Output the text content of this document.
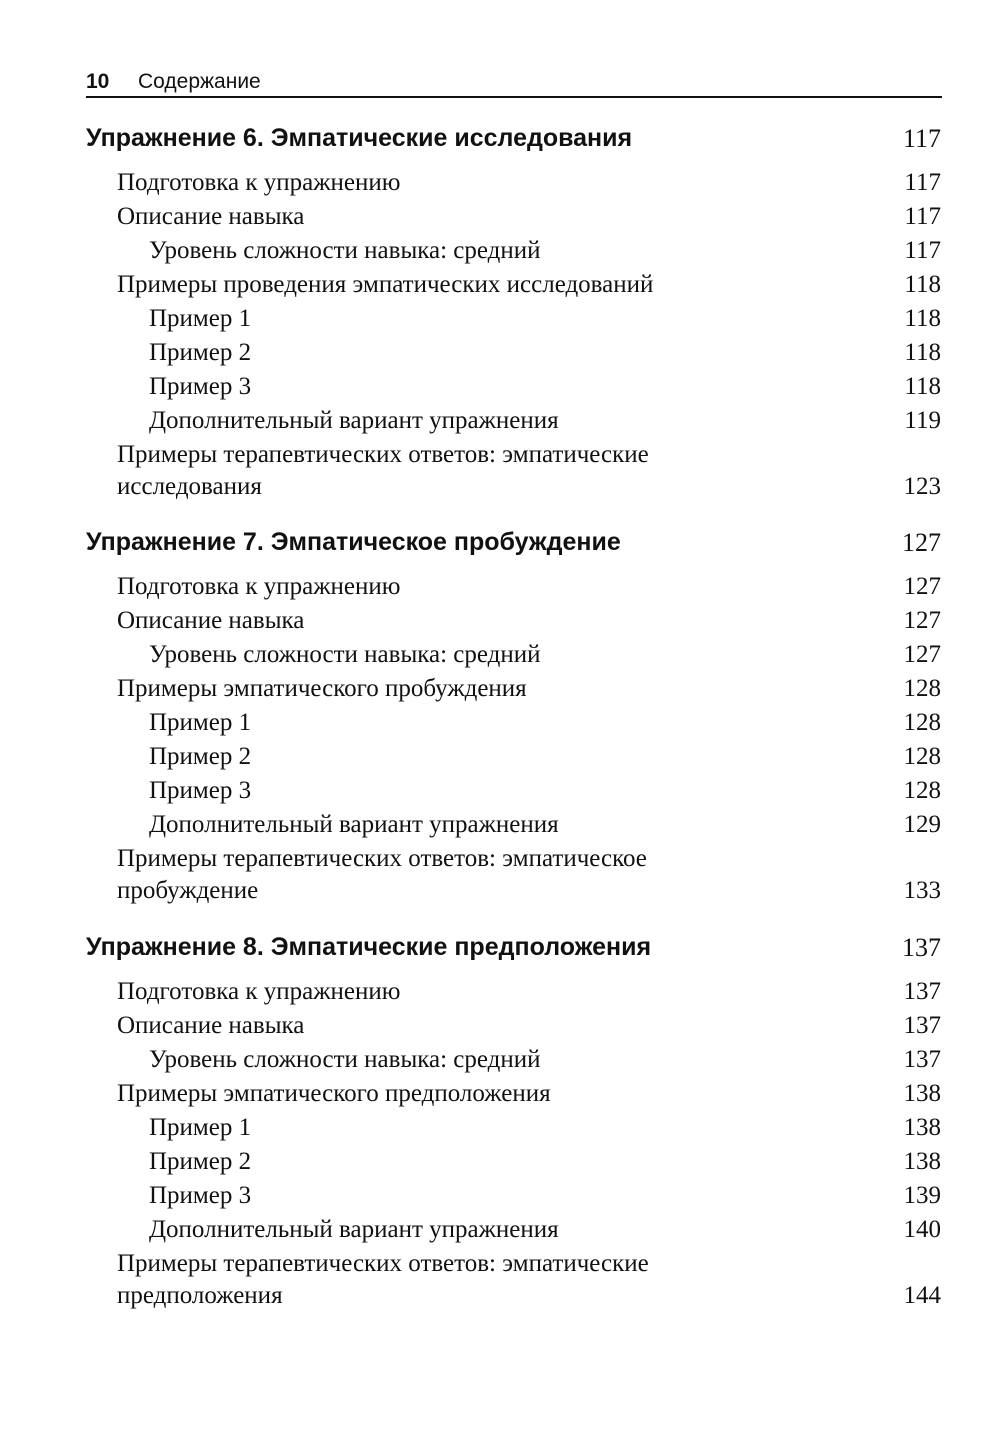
10 Содержание
Упражнение 6. Эмпатические исследования	117
Подготовка к упражнению	117
Описание навыка	117
Уровень сложности навыка: средний	117
Примеры проведения эмпатических исследований	118
Пример 1	118
Пример 2	118
Пример 3	118
Дополнительный вариант упражнения	119
Примеры терапевтических ответов: эмпатические
исследования	123
Упражнение 7. Эмпатическое пробуждение	127
Подготовка к упражнению	127
Описание навыка	127
Уровень сложности навыка: средний	127
Примеры эмпатического пробуждения	128
Пример 1	128
Пример 2	128
Пример 3	128
Дополнительный вариант упражнения	129
Примеры терапевтических ответов: эмпатическое
пробуждение	133
Упражнение 8. Эмпатические предположения	137
Подготовка к упражнению	137
Описание навыка	137
Уровень сложности навыка: средний	137
Примеры эмпатического предположения	138
Пример 1	138
Пример 2	138
Пример 3	139
Дополнительный вариант упражнения	140
Примеры терапевтических ответов: эмпатические
предположения	144
